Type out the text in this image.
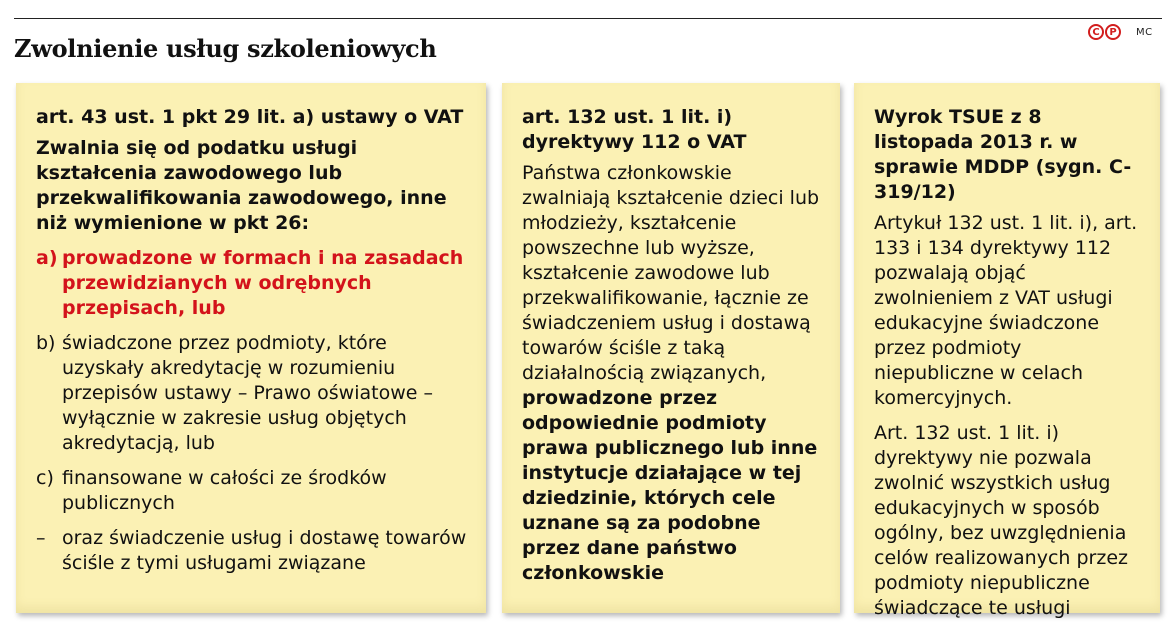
Zwolnienie usług szkoleniowych
C P	MC

art. 43 ust. 1 pkt 29 lit. a) ustawy o VAT

Zwalnia się od podatku usługi kształcenia zawodowego lub przekwalifikowania zawodowego, inne niż wymienione w pkt 26:

a) prowadzone w formach i na zasadach przewidzianych w odrębnych przepisach, lub
b) świadczone przez podmioty, które uzyskały akredytację w rozumieniu przepisów ustawy – Prawo oświatowe – wyłącznie w zakresie usług objętych akredytacją, lub
c) finansowane w całości ze środków publicznych
– oraz świadczenie usług i dostawę towarów ściśle z tymi usługami związane

art. 132 ust. 1 lit. i) dyrektywy 112 o VAT

Państwa członkowskie zwalniają kształcenie dzieci lub młodzieży, kształcenie powszechne lub wyższe, kształcenie zawodowe lub przekwalifikowanie, łącznie ze świadczeniem usług i dostawą towarów ściśle z taką działalnością związanych, prowadzone przez odpowiednie podmioty prawa publicznego lub inne instytucje działające w tej dziedzinie, których cele uznane są za podobne przez dane państwo członkowskie

Wyrok TSUE z 8 listopada 2013 r. w sprawie MDDP (sygn. C-319/12)

Artykuł 132 ust. 1 lit. i), art. 133 i 134 dyrektywy 112 pozwalają objąć zwolnieniem z VAT usługi edukacyjne świadczone przez podmioty niepubliczne w celach komercyjnych.

Art. 132 ust. 1 lit. i) dyrektywy nie pozwala zwolnić wszystkich usług edukacyjnych w sposób ogólny, bez uwzględnienia celów realizowanych przez podmioty niepubliczne świadczące te usługi
